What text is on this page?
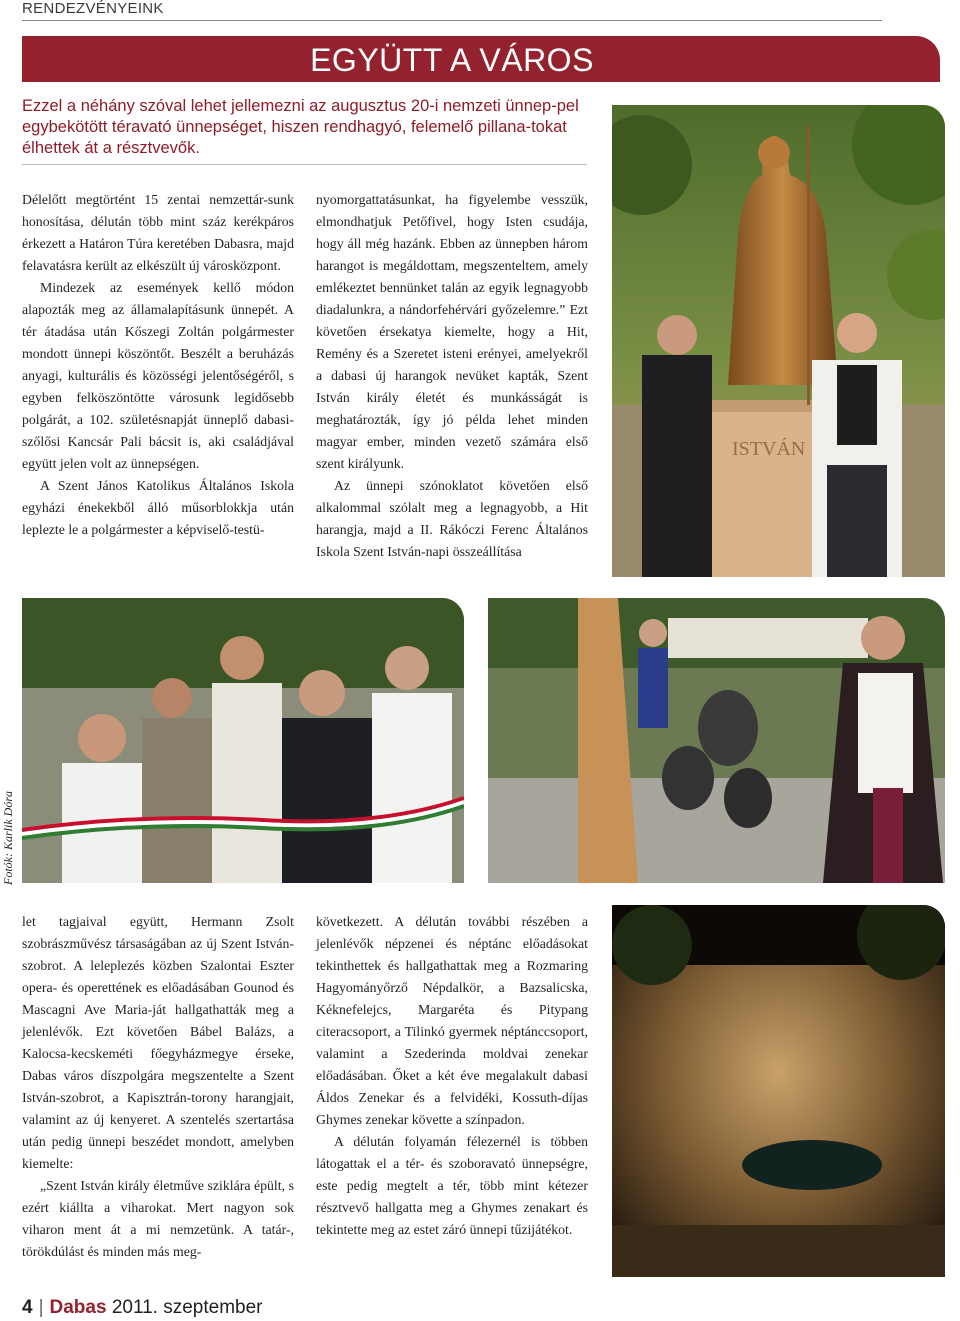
RENDEZVÉNYEINK
EGYÜTT A VÁROS
Ezzel a néhány szóval lehet jellemezni az augusztus 20-i nemzeti ünnep-pel egybekötött téravató ünnepséget, hiszen rendhagyó, felemelő pillana-tokat élhettek át a résztvevők.

Délelőtt megtörtént 15 zentai nemzettár-sunk honosítása, délután több mint száz kerékpáros érkezett a Határon Túra keretében Dabasra, majd felavatásra került az elkészült új városközpont.

Mindezek az események kellő módon alapozták meg az államalapításunk ünnepét. A tér átadása után Kőszegi Zoltán polgármester mondott ünnepi köszöntőt. Beszélt a beruházás anyagi, kulturális és közösségi jelentőségéről, s egyben felköszöntötte városunk legidősebb polgárát, a 102. születésnapját ünneplő dabasi-szőlősi Kancsár Pali bácsit is, aki családjával együtt jelen volt az ünnepségen.

A Szent János Katolikus Általános Iskola egyházi énekekből álló műsorblokkja után leplezte le a polgármester a képviselő-testü-

nyomorgattatásunkat, ha figyelembe vesszük, elmondhatjuk Petőfivel, hogy Isten csudája, hogy áll még hazánk. Ebben az ünnepben három harangot is megáldottam, megszenteltem, amely emlékeztet bennünket talán az egyik legnagyobb diadalunkra, a nándorfehérvári győzelemre.” Ezt követően érsekatya kiemelte, hogy a Hit, Remény és a Szeretet isteni erényei, amelyekről a dabasi új harangok nevüket kapták, Szent István király életét és munkásságát is meghatározták, így jó példa lehet minden magyar ember, minden vezető számára első szent királyunk.

Az ünnepi szónoklatot követően első alkalommal szólalt meg a legnagyobb, a Hit harangja, majd a II. Rákóczi Ferenc Általános Iskola Szent István-napi összeállítása

ISTVÁN
Fotók: Karlik Dóra

let tagjaival együtt, Hermann Zsolt szobrászművész társaságában az új Szent István-szobrot. A leleplezés közben Szalontai Eszter opera- és operettének es előadásában Gounod és Mascagni Ave Maria-ját hallgathatták meg a jelenlévők. Ezt követően Bábel Balázs, a Kalocsa-kecskeméti főegyházmegye érseke, Dabas város díszpolgára megszentelte a Szent István-szobrot, a Kapisztrán-torony harangjait, valamint az új kenyeret. A szentelés szertartása után pedig ünnepi beszédet mondott, amelyben kiemelte:

„Szent István király életműve sziklára épült, s ezért kiállta a viharokat. Mert nagyon sok viharon ment át a mi nemzetünk. A tatár-, törökdúlást és minden más meg-

következett. A délután további részében a jelenlévők népzenei és néptánc előadásokat tekinthettek és hallgathattak meg a Rozmaring Hagyományőrző Népdalkör, a Bazsalicska, Kéknefelejcs, Margaréta és Pitypang citeracsoport, a Tilinkó gyermek néptánccsoport, valamint a Szederinda moldvai zenekar előadásában. Őket a két éve megalakult dabasi Áldos Zenekar és a felvidéki, Kossuth-díjas Ghymes zenekar követte a színpadon.

A délután folyamán félezernél is többen látogattak el a tér- és szoboravató ünnepségre, este pedig megtelt a tér, több mint kétezer résztvevő hallgatta meg a Ghymes zenakart és tekintette meg az estet záró ünnepi tűzijátékot.

4 | Dabas 2011. szeptember
